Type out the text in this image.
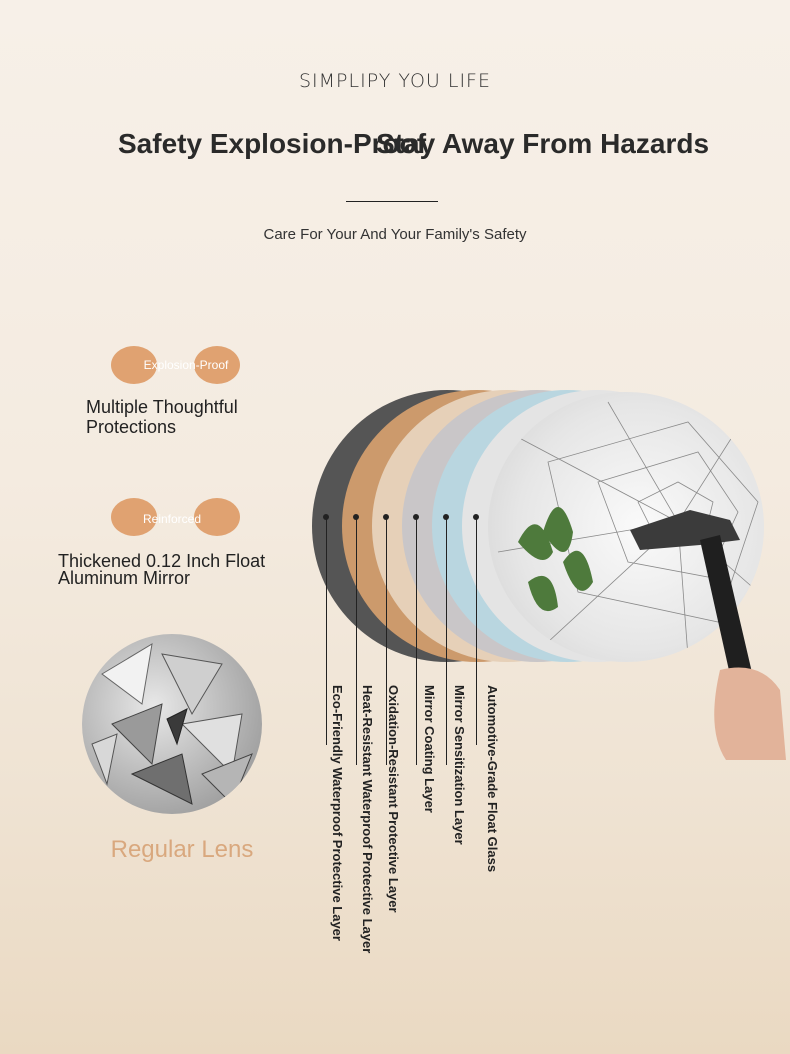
SIMPLIPY YOU LIFE
Safety Explosion-Proof
Stay Away From Hazards
Care For Your And Your Family's Safety
Explosion-Proof
Multiple Thoughtful Protections
Reinforced
Thickened 0.12 Inch Float Aluminum Mirror
Regular Lens	Eco-Friendly Waterproof Protective Layer Heat-Resistant Waterproof Protective Layer Oxidation-Resistant Protective Layer Mirror Coating Layer Mirror Sensitization Layer Automotive-Grade Float Glass
